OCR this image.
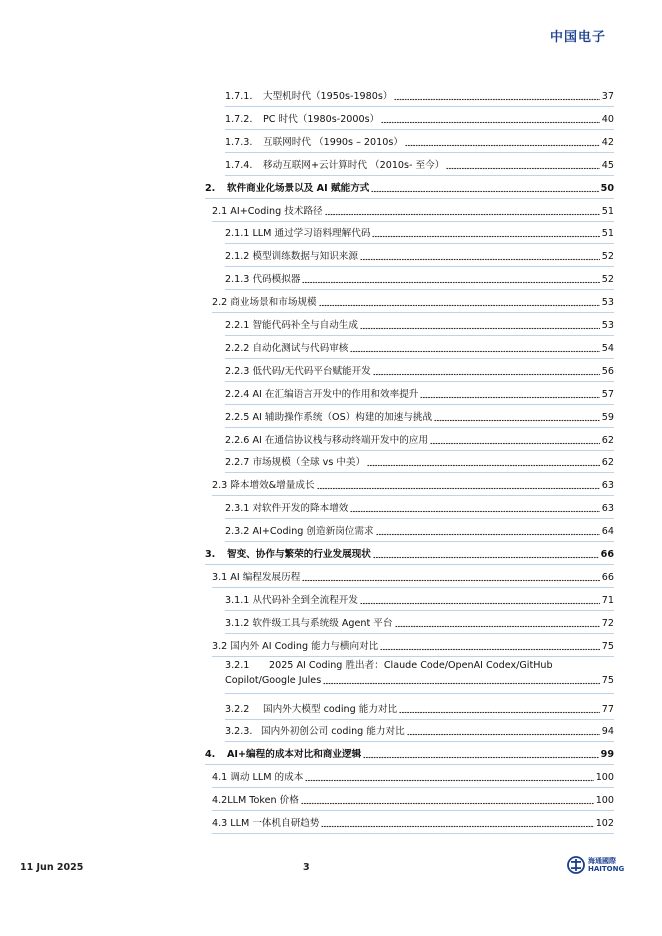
中国电子
1.7.1. 大型机时代（1950s-1980s）	37
1.7.2. PC 时代（1980s-2000s）	40
1.7.3. 互联网时代 （1990s – 2010s）	42
1.7.4. 移动互联网+云计算时代 （2010s- 至今）	45
2. 软件商业化场景以及 AI 赋能方式	50
2.1 AI+Coding 技术路径	51
2.1.1 LLM 通过学习语料理解代码	51
2.1.2 模型训练数据与知识来源	52
2.1.3 代码模拟器	52
2.2 商业场景和市场规模	53
2.2.1 智能代码补全与自动生成	53
2.2.2 自动化测试与代码审核	54
2.2.3 低代码/无代码平台赋能开发	56
2.2.4 AI 在汇编语言开发中的作用和效率提升	57
2.2.5 AI 辅助操作系统（OS）构建的加速与挑战	59
2.2.6 AI 在通信协议栈与移动终端开发中的应用	62
2.2.7 市场规模（全球 vs 中美）	62
2.3 降本增效&增量成长	63
2.3.1 对软件开发的降本增效	63
2.3.2 AI+Coding 创造新岗位需求	64
3. 智变、协作与繁荣的行业发展现状	66
3.1 AI 编程发展历程	66
3.1.1 从代码补全到全流程开发	71
3.1.2 软件级工具与系统级 Agent 平台	72
3.2 国内外 AI Coding 能力与横向对比	75
3.2.1 2025 AI Coding 胜出者：Claude Code/OpenAI Codex/GitHub
Copilot/Google Jules	75
3.2.2 国内外大模型 coding 能力对比	77
3.2.3. 国内外初创公司 coding 能力对比	94
4. AI+编程的成本对比和商业逻辑	99
4.1 调动 LLM 的成本	100
4.2LLM Token 价格	100
4.3 LLM 一体机自研趋势	102
11 Jun 2025	3
海通國際
HAITONG
